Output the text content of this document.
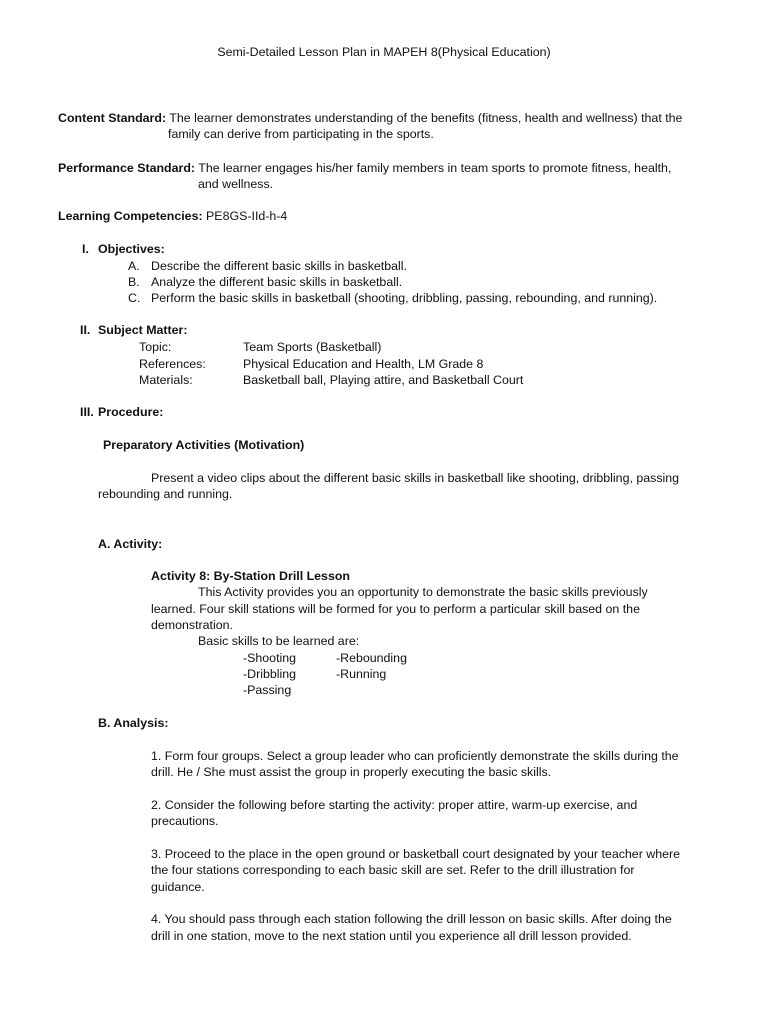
Semi-Detailed Lesson Plan in MAPEH 8(Physical Education)
Content Standard: The learner demonstrates understanding of the benefits (fitness, health and wellness) that the
family can derive from participating in the sports.
Performance Standard: The learner engages his/her family members in team sports to promote fitness, health,
and wellness.
Learning Competencies: PE8GS-IId-h-4
I. Objectives:
A. Describe the different basic skills in basketball.
B. Analyze the different basic skills in basketball.
C. Perform the basic skills in basketball (shooting, dribbling, passing, rebounding, and running).
II. Subject Matter:
Topic:	Team Sports (Basketball)
References:	Physical Education and Health, LM Grade 8
Materials:	Basketball ball, Playing attire, and Basketball Court
III. Procedure:
Preparatory Activities (Motivation)
Present a video clips about the different basic skills in basketball like shooting, dribbling, passing
rebounding and running.
A. Activity:
Activity 8: By-Station Drill Lesson
This Activity provides you an opportunity to demonstrate the basic skills previously
learned. Four skill stations will be formed for you to perform a particular skill based on the
demonstration.
Basic skills to be learned are:
-Shooting	-Rebounding
-Dribbling	-Running
-Passing
B. Analysis:
1. Form four groups. Select a group leader who can proficiently demonstrate the skills during the
drill. He / She must assist the group in properly executing the basic skills.
2. Consider the following before starting the activity: proper attire, warm-up exercise, and
precautions.
3. Proceed to the place in the open ground or basketball court designated by your teacher where
the four stations corresponding to each basic skill are set. Refer to the drill illustration for
guidance.
4. You should pass through each station following the drill lesson on basic skills. After doing the
drill in one station, move to the next station until you experience all drill lesson provided.
